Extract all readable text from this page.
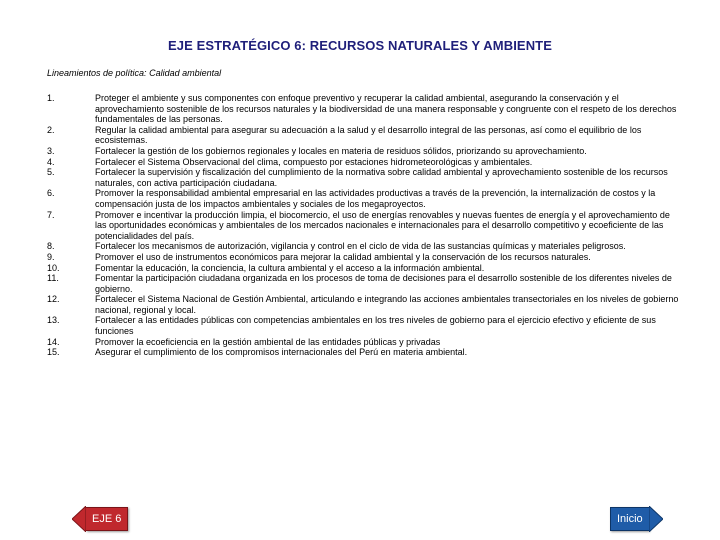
EJE ESTRATÉGICO 6: RECURSOS NATURALES Y AMBIENTE
Lineamientos de política: Calidad ambiental
1.	Proteger el ambiente y sus componentes con enfoque preventivo y recuperar la calidad ambiental, asegurando la conservación y el aprovechamiento sostenible de los recursos naturales y la biodiversidad de una manera responsable y congruente con el respeto de los derechos fundamentales de las personas.
2.	Regular la calidad ambiental para asegurar su adecuación a la salud y el desarrollo integral de las personas, así como el equilibrio de los ecosistemas.
3.	Fortalecer la gestión de los gobiernos regionales y locales en materia de residuos sólidos, priorizando su aprovechamiento.
4.	Fortalecer el Sistema Observacional del clima, compuesto por estaciones hidrometeorológicas y ambientales.
5.	Fortalecer la supervisión y fiscalización del cumplimiento de la normativa sobre calidad ambiental y aprovechamiento sostenible de los recursos naturales, con activa participación ciudadana.
6.	Promover la responsabilidad ambiental empresarial en las actividades productivas a través de la prevención, la internalización de costos y la compensación justa de los impactos ambientales y sociales de los megaproyectos.
7.	Promover e incentivar la producción limpia, el biocomercio, el uso de energías renovables y nuevas fuentes de energía y el aprovechamiento de las oportunidades económicas y ambientales de los mercados nacionales e internacionales para el desarrollo competitivo y ecoeficiente de las potencialidades del país.
8.	Fortalecer los mecanismos de autorización, vigilancia y control en el ciclo de vida de las sustancias químicas y materiales peligrosos.
9.	Promover el uso de instrumentos económicos para mejorar la calidad ambiental y la conservación de los recursos naturales.
10.	Fomentar la educación, la conciencia, la cultura ambiental y el acceso a la información ambiental.
11.	Fomentar la participación ciudadana organizada en los procesos de toma de decisiones para el desarrollo sostenible de los diferentes niveles de gobierno.
12.	Fortalecer el Sistema Nacional de Gestión Ambiental, articulando e integrando las acciones ambientales transectoriales en los niveles de gobierno nacional, regional y local.
13.	Fortalecer a las entidades públicas con competencias ambientales en los tres niveles de gobierno para el ejercicio efectivo y eficiente de sus funciones
14.	Promover la ecoeficiencia en la gestión ambiental de las entidades públicas y privadas
15.	Asegurar el cumplimiento de los compromisos internacionales del Perú en materia ambiental.
EJE 6	Inicio
